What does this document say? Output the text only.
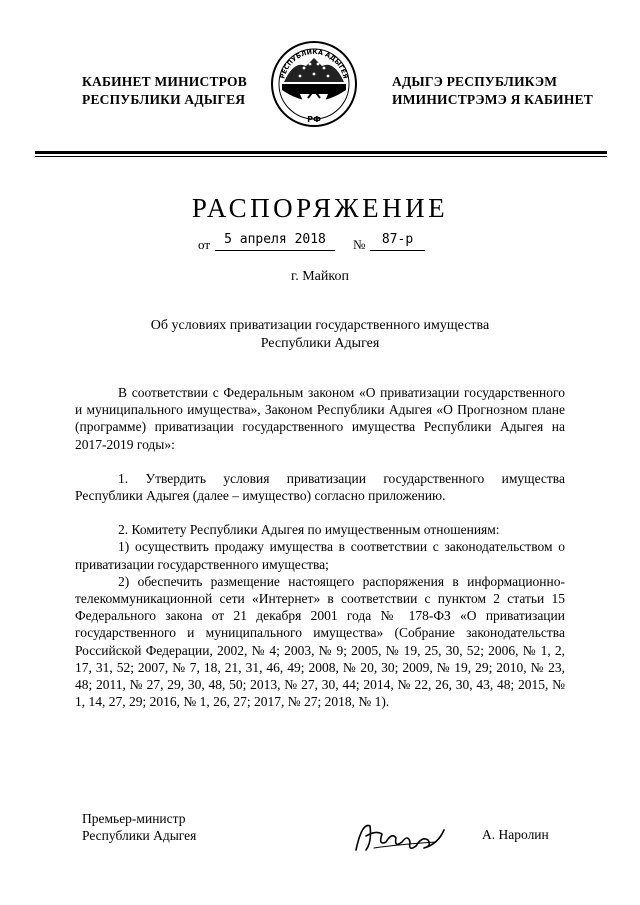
КАБИНЕТ МИНИСТРОВ
РЕСПУБЛИКИ АДЫГЕЯ
РЕСПУБЛИКА АДЫГЕЯ
РФ
АДЫГЭ РЕСПУБЛИКЭМ
ИМИНИСТРЭМЭ Я КАБИНЕТ
РАСПОРЯЖЕНИЕ
от	5 апреля 2018	№	87-р
г. Майкоп
Об условиях приватизации государственного имущества
Республики Адыгея

В соответствии с Федеральным законом «О приватизации государственного и муниципального имущества», Законом Республики Адыгея «О Прогнозном плане (программе) приватизации государственного имущества Республики Адыгея на 2017-2019 годы»:

1. Утвердить условия приватизации государственного имущества Республики Адыгея (далее – имущество) согласно приложению.

2. Комитету Республики Адыгея по имущественным отношениям:

1) осуществить продажу имущества в соответствии с законодательством о приватизации государственного имущества;

2) обеспечить размещение настоящего распоряжения в информационно-телекоммуникационной сети «Интернет» в соответствии с пунктом 2 статьи 15 Федерального закона от 21 декабря 2001 года № 178-ФЗ «О приватизации государственного и муниципального имущества» (Собрание законодательства Российской Федерации, 2002, № 4; 2003, № 9; 2005, № 19, 25, 30, 52; 2006, № 1, 2, 17, 31, 52; 2007, № 7, 18, 21, 31, 46, 49; 2008, № 20, 30; 2009, № 19, 29; 2010, № 23, 48; 2011, № 27, 29, 30, 48, 50; 2013, № 27, 30, 44; 2014, № 22, 26, 30, 43, 48; 2015, № 1, 14, 27, 29; 2016, № 1, 26, 27; 2017, № 27; 2018, № 1).

Премьер-министр
Республики Адыгея	А. Наролин
